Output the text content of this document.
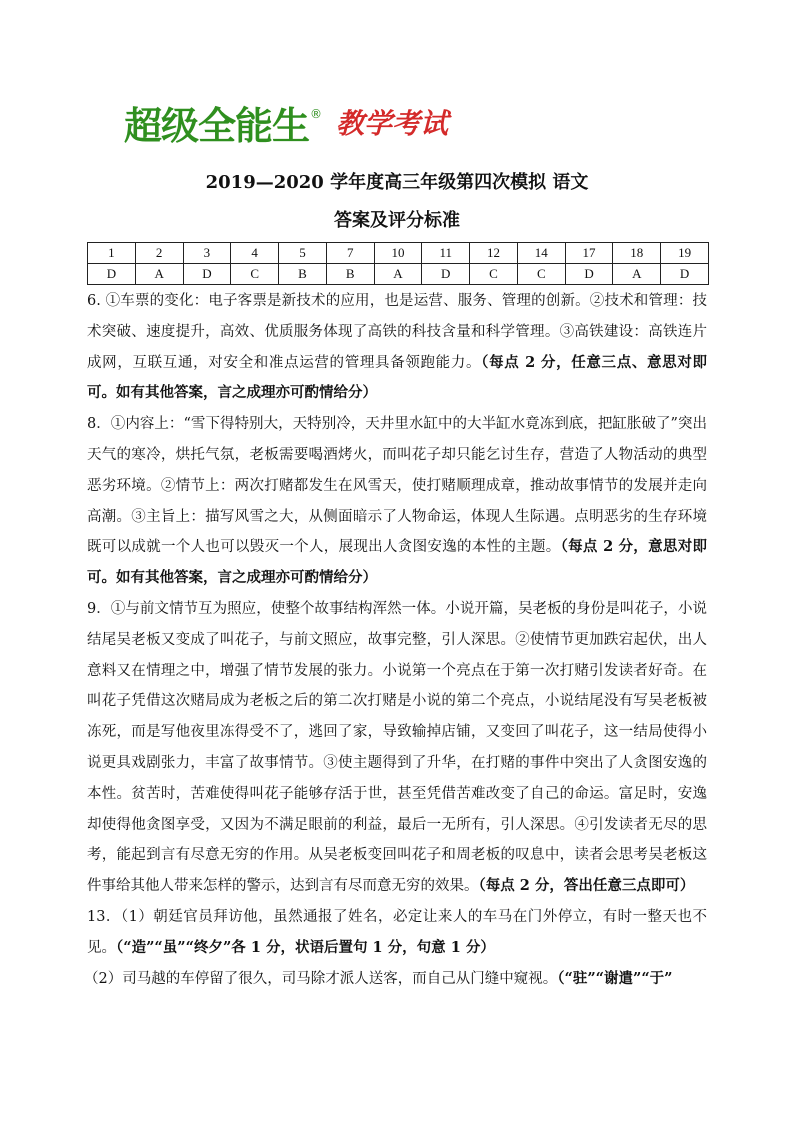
超级全能生 ® 教学考试
2019—2020 学年度高三年级第四次模拟 语文
答案及评分标准
1	2	3	4	5	7	10	11	12	14	17	18	19
D	A	D	C	B	B	A	D	C	C	D	A	D

6. ①车票的变化：电子客票是新技术的应用，也是运营、服务、管理的创新。②技术和管理：技术突破、速度提升，高效、优质服务体现了高铁的科技含量和科学管理。③高铁建设：高铁连片成网，互联互通，对安全和准点运营的管理具备领跑能力。（每点 2 分，任意三点、意思对即可。如有其他答案，言之成理亦可酌情给分）

8．①内容上：“雪下得特别大，天特别冷，天井里水缸中的大半缸水竟冻到底，把缸胀破了”突出天气的寒冷，烘托气氛，老板需要喝酒烤火，而叫花子却只能乞讨生存，营造了人物活动的典型恶劣环境。②情节上：两次打赌都发生在风雪天，使打赌顺理成章，推动故事情节的发展并走向高潮。③主旨上：描写风雪之大，从侧面暗示了人物命运，体现人生际遇。点明恶劣的生存环境既可以成就一个人也可以毁灭一个人，展现出人贪图安逸的本性的主题。（每点 2 分，意思对即可。如有其他答案，言之成理亦可酌情给分）

9．①与前文情节互为照应，使整个故事结构浑然一体。小说开篇，吴老板的身份是叫花子，小说结尾吴老板又变成了叫花子，与前文照应，故事完整，引人深思。②使情节更加跌宕起伏，出人意料又在情理之中，增强了情节发展的张力。小说第一个亮点在于第一次打赌引发读者好奇。在叫花子凭借这次赌局成为老板之后的第二次打赌是小说的第二个亮点，小说结尾没有写吴老板被冻死，而是写他夜里冻得受不了，逃回了家，导致输掉店铺，又变回了叫花子，这一结局使得小说更具戏剧张力，丰富了故事情节。③使主题得到了升华，在打赌的事件中突出了人贪图安逸的本性。贫苦时，苦难使得叫花子能够存活于世，甚至凭借苦难改变了自己的命运。富足时，安逸却使得他贪图享受，又因为不满足眼前的利益，最后一无所有，引人深思。④引发读者无尽的思考，能起到言有尽意无穷的作用。从吴老板变回叫花子和周老板的叹息中，读者会思考吴老板这件事给其他人带来怎样的警示，达到言有尽而意无穷的效果。（每点 2 分，答出任意三点即可）

13．（1）朝廷官员拜访他，虽然通报了姓名，必定让来人的车马在门外停立，有时一整天也不见。（“造”“虽”“终夕”各 1 分，状语后置句 1 分，句意 1 分）

（2）司马越的车停留了很久，司马除才派人送客，而自己从门缝中窥视。（“驻”“谢遣”“于”
